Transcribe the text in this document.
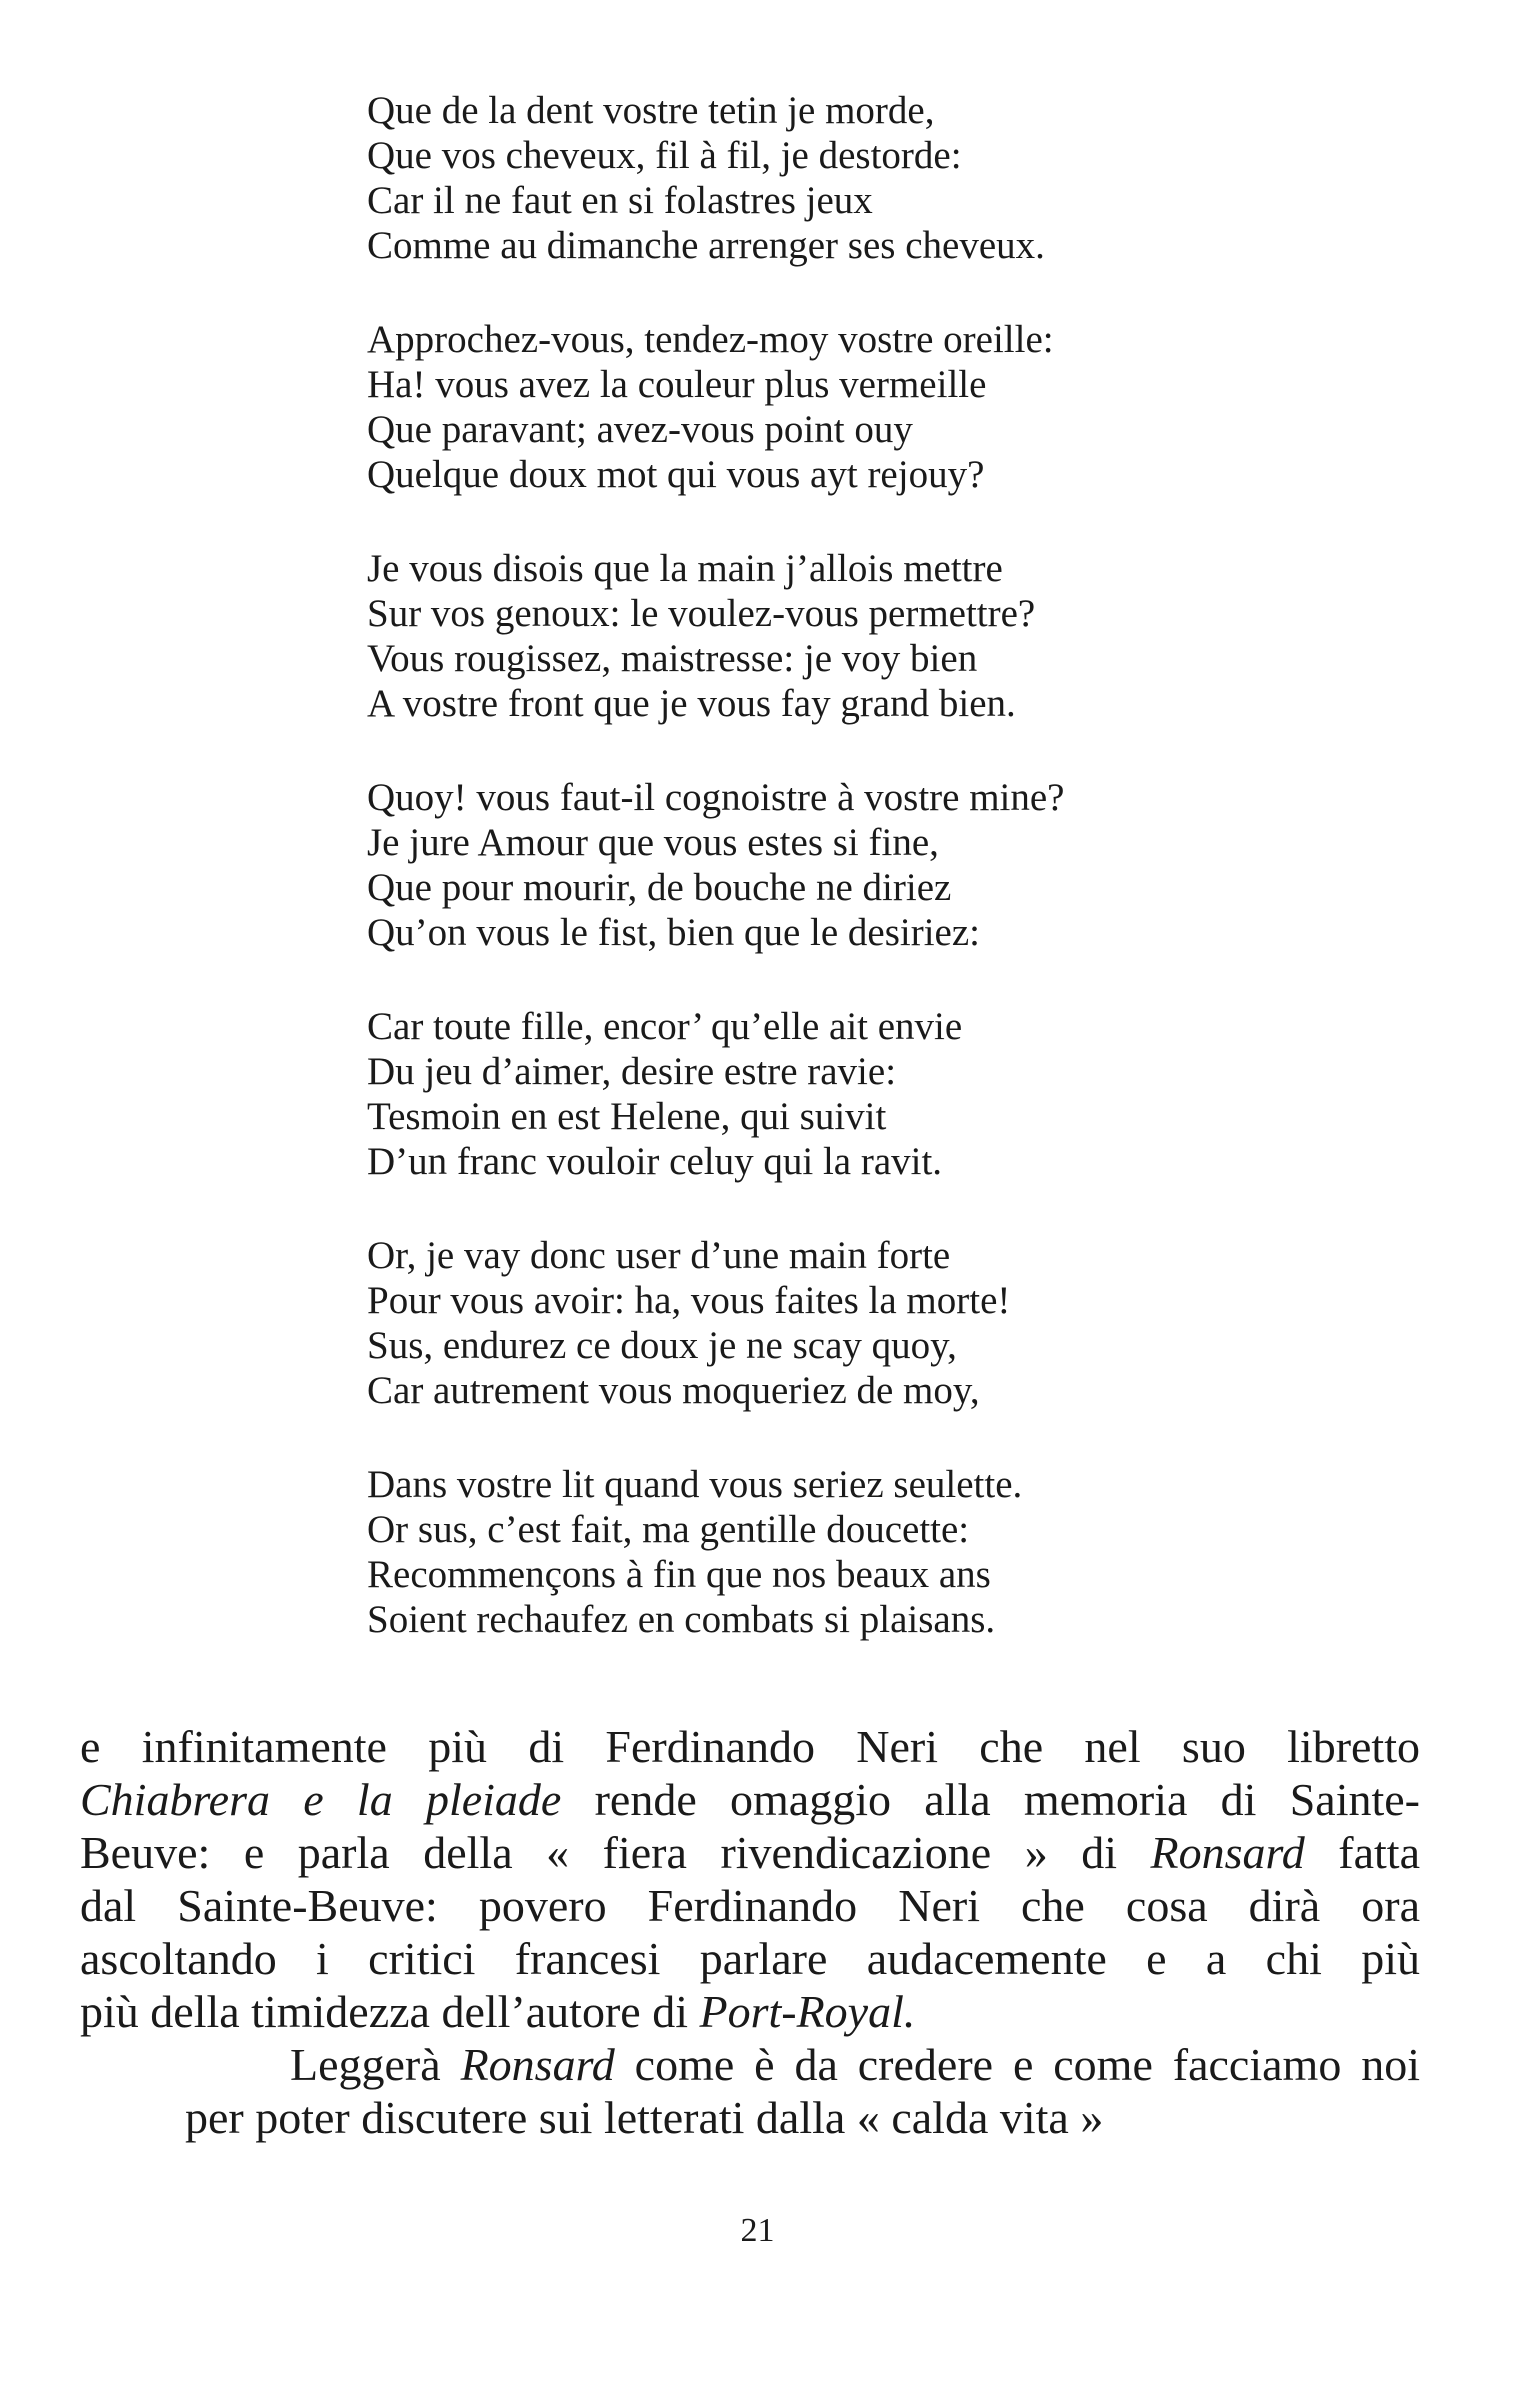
Que de la dent vostre tetin je morde,
Que vos cheveux, fil à fil, je destorde:
Car il ne faut en si folastres jeux
Comme au dimanche arrenger ses cheveux.
Approchez-vous, tendez-moy vostre oreille:
Ha! vous avez la couleur plus vermeille
Que paravant; avez-vous point ouy
Quelque doux mot qui vous ayt rejouy?
Je vous disois que la main j’allois mettre
Sur vos genoux: le voulez-vous permettre?
Vous rougissez, maistresse: je voy bien
A vostre front que je vous fay grand bien.
Quoy! vous faut-il cognoistre à vostre mine?
Je jure Amour que vous estes si fine,
Que pour mourir, de bouche ne diriez
Qu’on vous le fist, bien que le desiriez:
Car toute fille, encor’ qu’elle ait envie
Du jeu d’aimer, desire estre ravie:
Tesmoin en est Helene, qui suivit
D’un franc vouloir celuy qui la ravit.
Or, je vay donc user d’une main forte
Pour vous avoir: ha, vous faites la morte!
Sus, endurez ce doux je ne scay quoy,
Car autrement vous moqueriez de moy,
Dans vostre lit quand vous seriez seulette.
Or sus, c’est fait, ma gentille doucette:
Recommençons à fin que nos beaux ans
Soient rechaufez en combats si plaisans.

e infinitamente più di Ferdinando Neri che nel suo libretto
Chiabrera e la pleiade rende omaggio alla memoria di Sainte-
Beuve: e parla della « fiera rivendicazione » di Ronsard fatta
dal Sainte-Beuve: povero Ferdinando Neri che cosa dirà ora
ascoltando i critici francesi parlare audacemente e a chi più
più della timidezza dell’autore di Port-Royal.

Leggerà Ronsard come è da credere e come facciamo noi
per poter discutere sui letterati dalla « calda vita »

21
